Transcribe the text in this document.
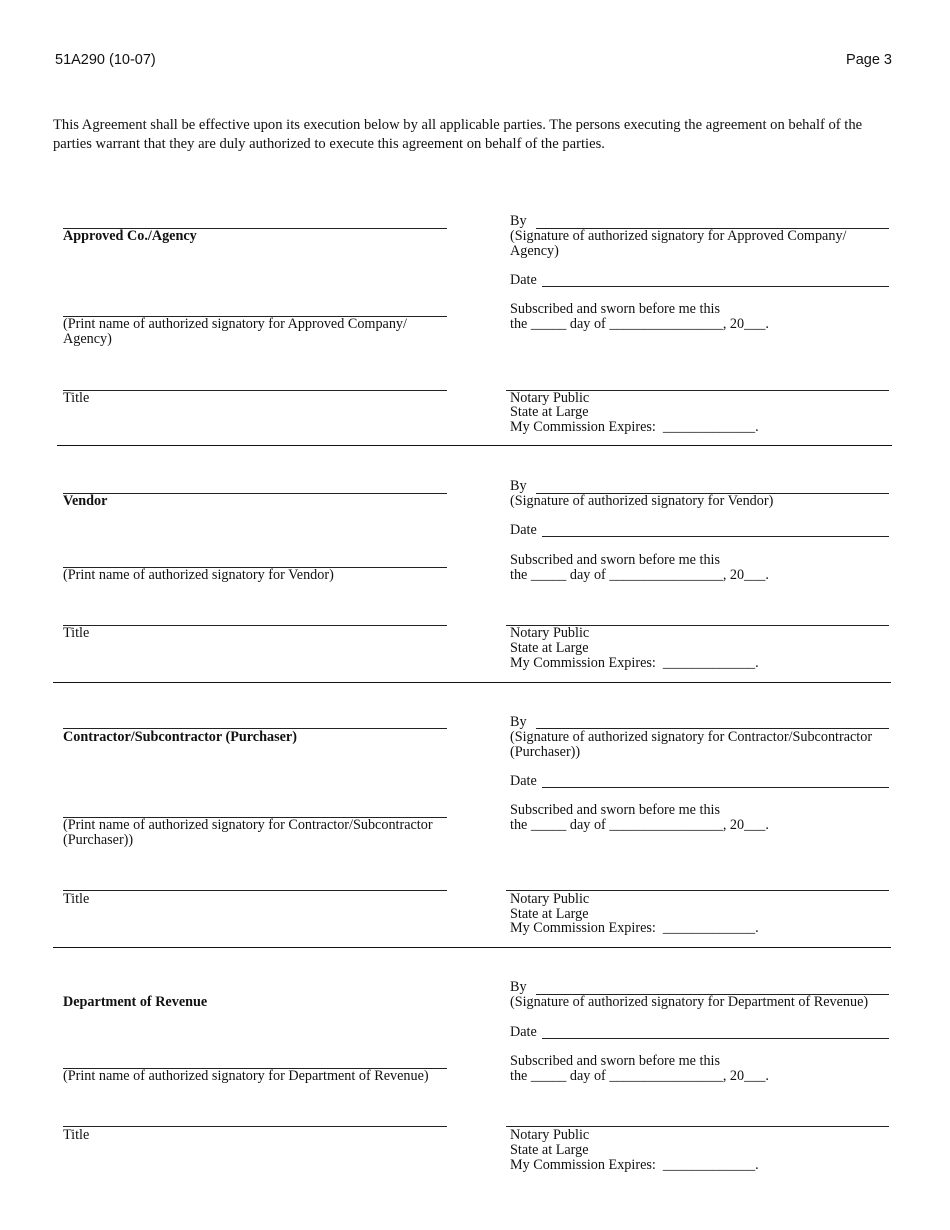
51A290 (10-07)	Page 3
This Agreement shall be effective upon its execution below by all applicable parties. The persons executing the agreement on behalf of the parties warrant that they are duly authorized to execute this agreement on behalf of the parties.
Approved Co./Agency
(Print name of authorized signatory for Approved Company/
Agency)
Title
By
(Signature of authorized signatory for Approved Company/
Agency)
Date
Subscribed and sworn before me this
the _____ day of ________________, 20___.
Notary Public
State at Large
My Commission Expires:  _____________.
Vendor
(Print name of authorized signatory for Vendor)
Title
By
(Signature of authorized signatory for Vendor)
Date
Subscribed and sworn before me this
the _____ day of ________________, 20___.
Notary Public
State at Large
My Commission Expires:  _____________.
Contractor/Subcontractor (Purchaser)
(Print name of authorized signatory for Contractor/Subcontractor
(Purchaser))
Title
By
(Signature of authorized signatory for Contractor/Subcontractor
(Purchaser))
Date
Subscribed and sworn before me this
the _____ day of ________________, 20___.
Notary Public
State at Large
My Commission Expires:  _____________.
Department of Revenue
(Print name of authorized signatory for Department of Revenue)
Title
By
(Signature of authorized signatory for Department of Revenue)
Date
Subscribed and sworn before me this
the _____ day of ________________, 20___.
Notary Public
State at Large
My Commission Expires:  _____________.
